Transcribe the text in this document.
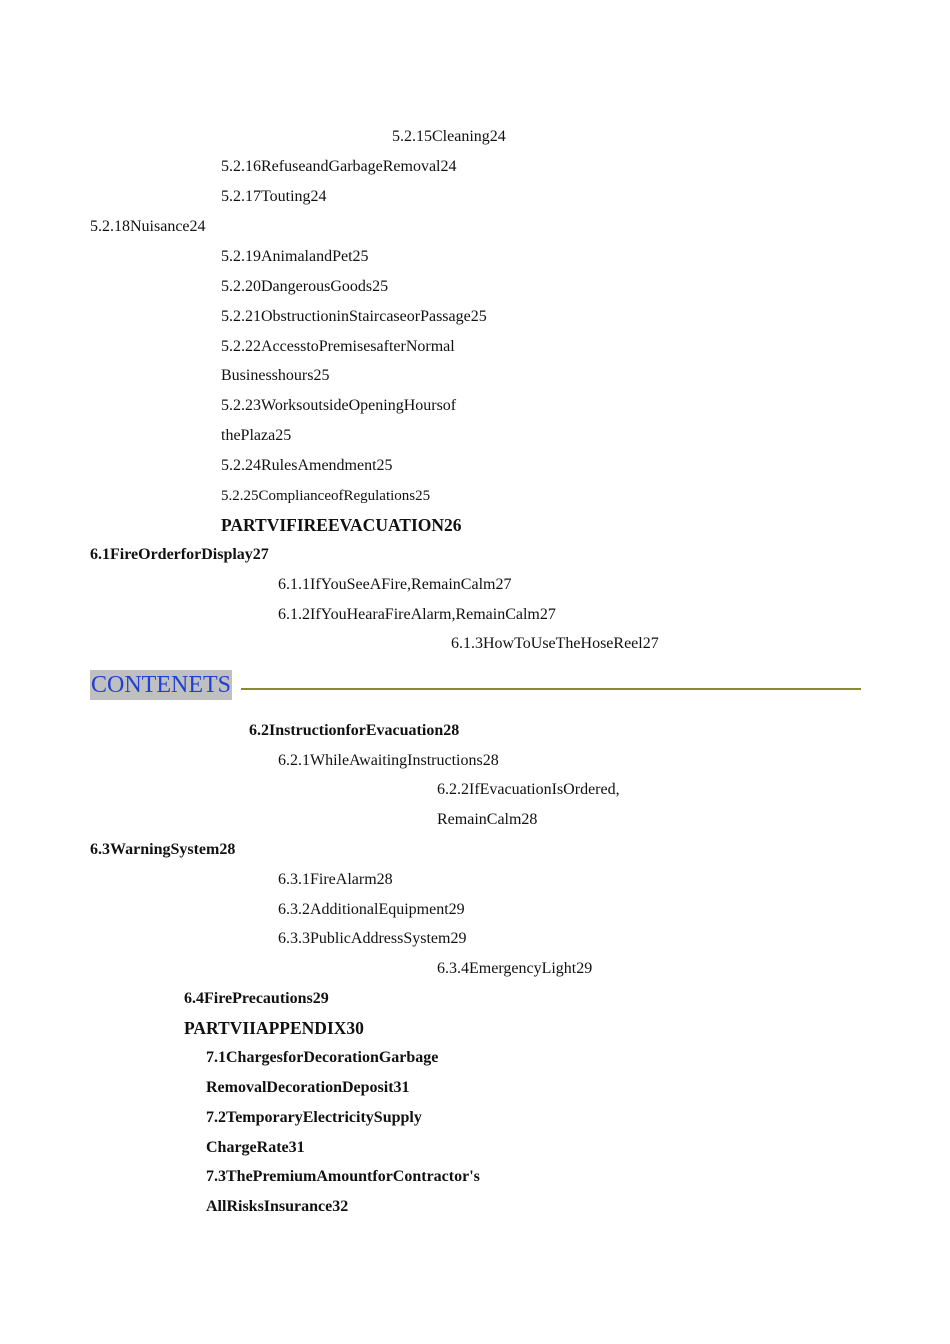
5.2.15Cleaning24
5.2.16RefuseandGarbageRemoval24
5.2.17Touting24
5.2.18Nuisance24
5.2.19AnimalandPet25
5.2.20DangerousGoods25
5.2.21ObstructioninStaircaseorPassage25
5.2.22AccesstoPremisesafterNormal
Businesshours25
5.2.23WorksoutsideOpeningHoursof
thePlaza25
5.2.24RulesAmendment25
5.2.25ComplianceofRegulations25
PARTVIFIREEVACUATION26
6.1FireOrderforDisplay27
6.1.1IfYouSeeAFire,RemainCalm27
6.1.2IfYouHearaFireAlarm,RemainCalm27
6.1.3HowToUseTheHoseReel27
CONTENETS
6.2InstructionforEvacuation28
6.2.1WhileAwaitingInstructions28
6.2.2IfEvacuationIsOrdered,
RemainCalm28
6.3WarningSystem28
6.3.1FireAlarm28
6.3.2AdditionalEquipment29
6.3.3PublicAddressSystem29
6.3.4EmergencyLight29
6.4FirePrecautions29
PARTVIIAPPENDIX30
7.1ChargesforDecorationGarbage
RemovalDecorationDeposit31
7.2TemporaryElectricitySupply
ChargeRate31
7.3ThePremiumAmountforContractor's
AllRisksInsurance32
